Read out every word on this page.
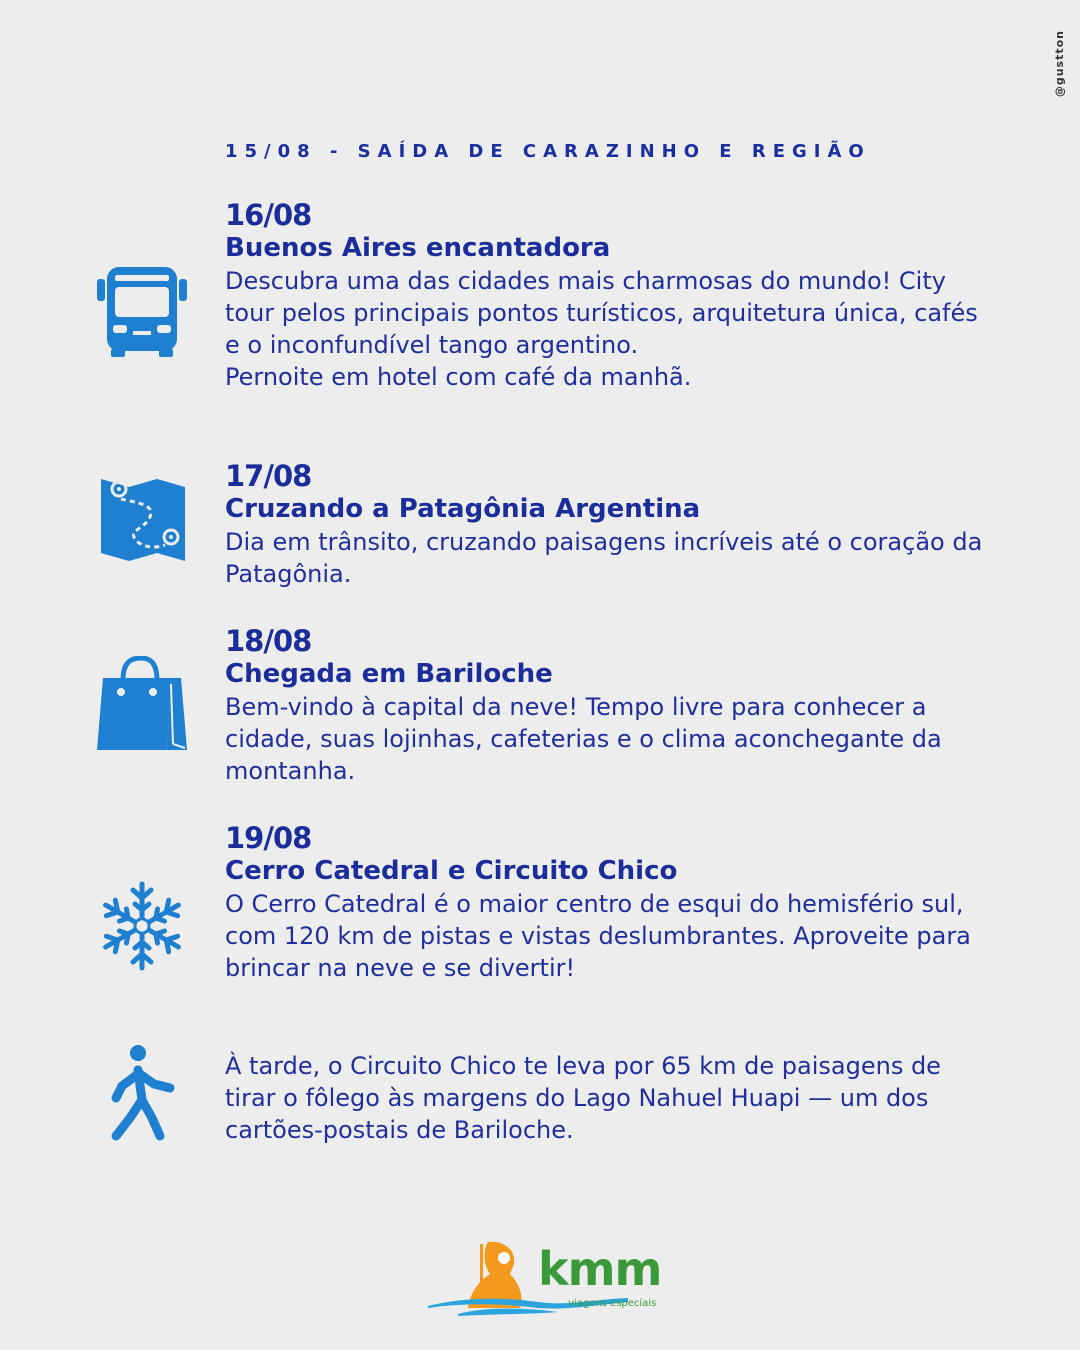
@gustton
15/08 - SAÍDA DE CARAZINHO E REGIÃO
16/08
Buenos Aires encantadora

Descubra uma das cidades mais charmosas do mundo! City tour pelos principais pontos turísticos, arquitetura única, cafés e o inconfundível tango argentino.

Pernoite em hotel com café da manhã.

17/08
Cruzando a Patagônia Argentina

Dia em trânsito, cruzando paisagens incríveis até o coração da Patagônia.

18/08
Chegada em Bariloche

Bem-vindo à capital da neve! Tempo livre para conhecer a cidade, suas lojinhas, cafeterias e o clima aconchegante da montanha.

19/08
Cerro Catedral e Circuito Chico

O Cerro Catedral é o maior centro de esqui do hemisfério sul, com 120 km de pistas e vistas deslumbrantes. Aproveite para brincar na neve e se divertir!

À tarde, o Circuito Chico te leva por 65 km de paisagens de tirar o fôlego às margens do Lago Nahuel Huapi — um dos cartões-postais de Bariloche.

kmm
viagens especiais
